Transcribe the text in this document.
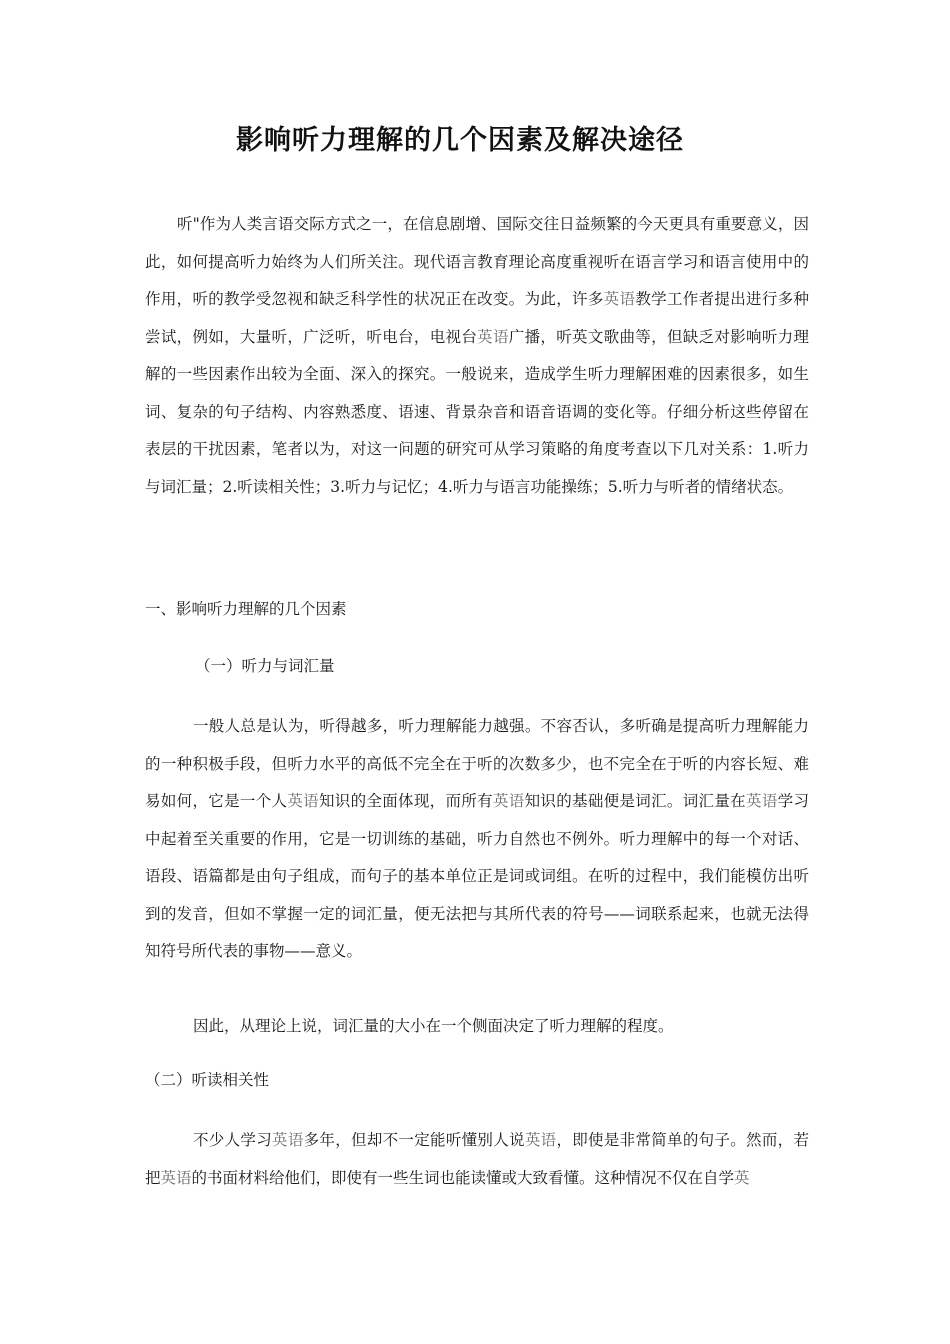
影响听力理解的几个因素及解决途径

听"作为人类言语交际方式之一，在信息剧增、国际交往日益频繁的今天更具有重要意义，因此，如何提高听力始终为人们所关注。现代语言教育理论高度重视听在语言学习和语言使用中的作用，听的教学受忽视和缺乏科学性的状况正在改变。为此，许多英语教学工作者提出进行多种尝试，例如，大量听，广泛听，听电台，电视台英语广播，听英文歌曲等，但缺乏对影响听力理解的一些因素作出较为全面、深入的探究。一般说来，造成学生听力理解困难的因素很多，如生词、复杂的句子结构、内容熟悉度、语速、背景杂音和语音语调的变化等。仔细分析这些停留在表层的干扰因素，笔者以为，对这一问题的研究可从学习策略的角度考查以下几对关系：1.听力与词汇量；2.听读相关性；3.听力与记忆；4.听力与语言功能操练；5.听力与听者的情绪状态。

一、影响听力理解的几个因素

（一）听力与词汇量

一般人总是认为，听得越多，听力理解能力越强。不容否认，多听确是提高听力理解能力的一种积极手段，但听力水平的高低不完全在于听的次数多少，也不完全在于听的内容长短、难易如何，它是一个人英语知识的全面体现，而所有英语知识的基础便是词汇。词汇量在英语学习中起着至关重要的作用，它是一切训练的基础，听力自然也不例外。听力理解中的每一个对话、语段、语篇都是由句子组成，而句子的基本单位正是词或词组。在听的过程中，我们能模仿出听到的发音，但如不掌握一定的词汇量，便无法把与其所代表的符号——词联系起来，也就无法得知符号所代表的事物——意义。

因此，从理论上说，词汇量的大小在一个侧面决定了听力理解的程度。

（二）听读相关性

不少人学习英语多年，但却不一定能听懂别人说英语，即使是非常简单的句子。然而，若把英语的书面材料给他们，即使有一些生词也能读懂或大致看懂。这种情况不仅在自学英
